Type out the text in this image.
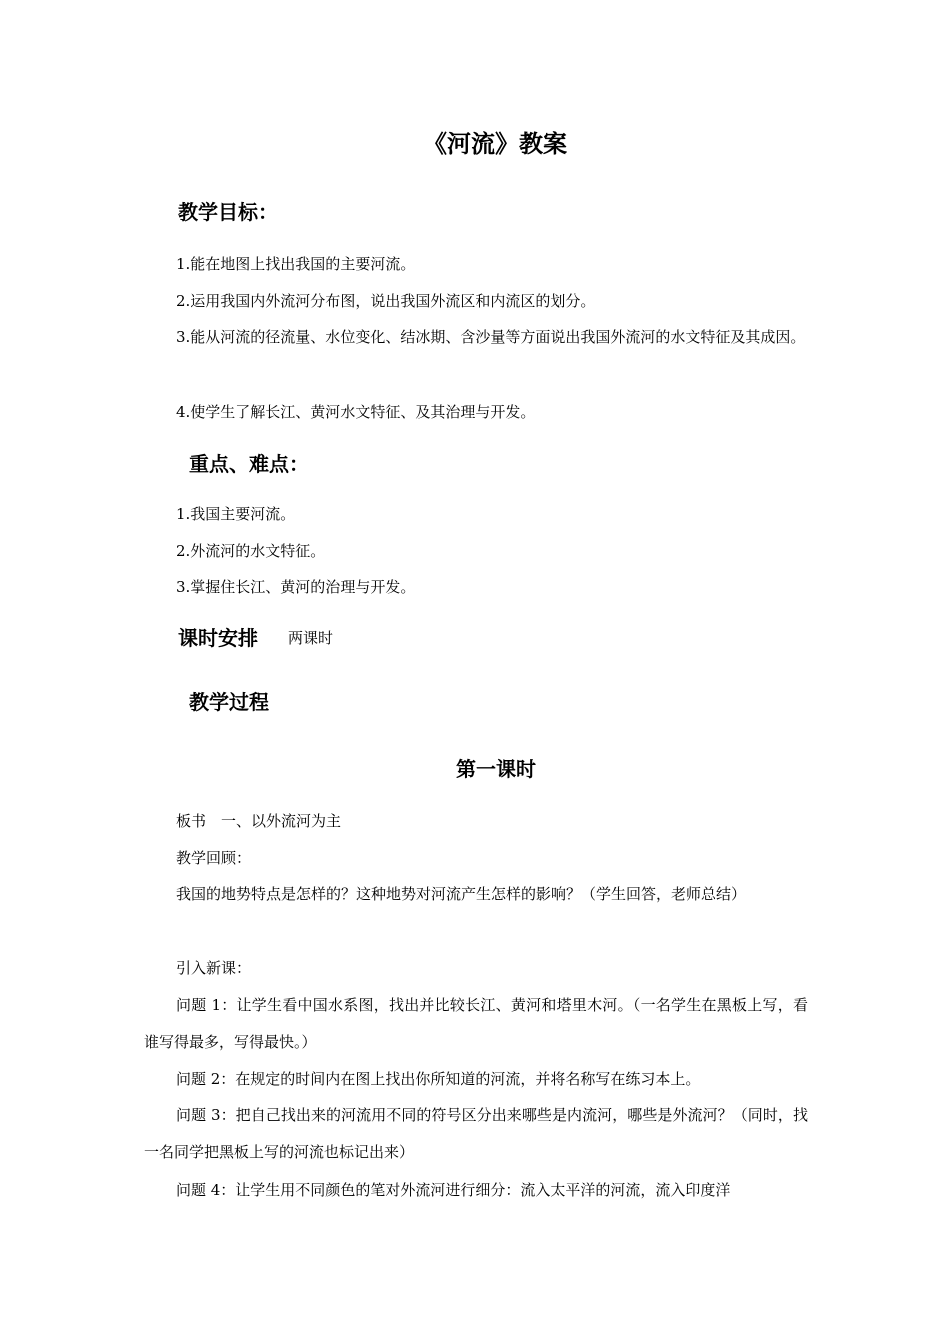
《河流》教案
教学目标：
1.能在地图上找出我国的主要河流。
2.运用我国内外流河分布图，说出我国外流区和内流区的划分。
3.能从河流的径流量、水位变化、结冰期、含沙量等方面说出我国外流河的水文特征及其成因。
4.使学生了解长江、黄河水文特征、及其治理与开发。
重点、难点：
1.我国主要河流。
2.外流河的水文特征。
3.掌握住长江、黄河的治理与开发。
课时安排 两课时
教学过程
第一课时
板书　一、以外流河为主
教学回顾：
我国的地势特点是怎样的？这种地势对河流产生怎样的影响？（学生回答，老师总结）
引入新课：
问题 1：让学生看中国水系图，找出并比较长江、黄河和塔里木河。（一名学生在黑板上写，看谁写得最多，写得最快。）
问题 2：在规定的时间内在图上找出你所知道的河流，并将名称写在练习本上。
问题 3：把自己找出来的河流用不同的符号区分出来哪些是内流河，哪些是外流河？（同时，找一名同学把黑板上写的河流也标记出来）
问题 4：让学生用不同颜色的笔对外流河进行细分：流入太平洋的河流，流入印度洋
